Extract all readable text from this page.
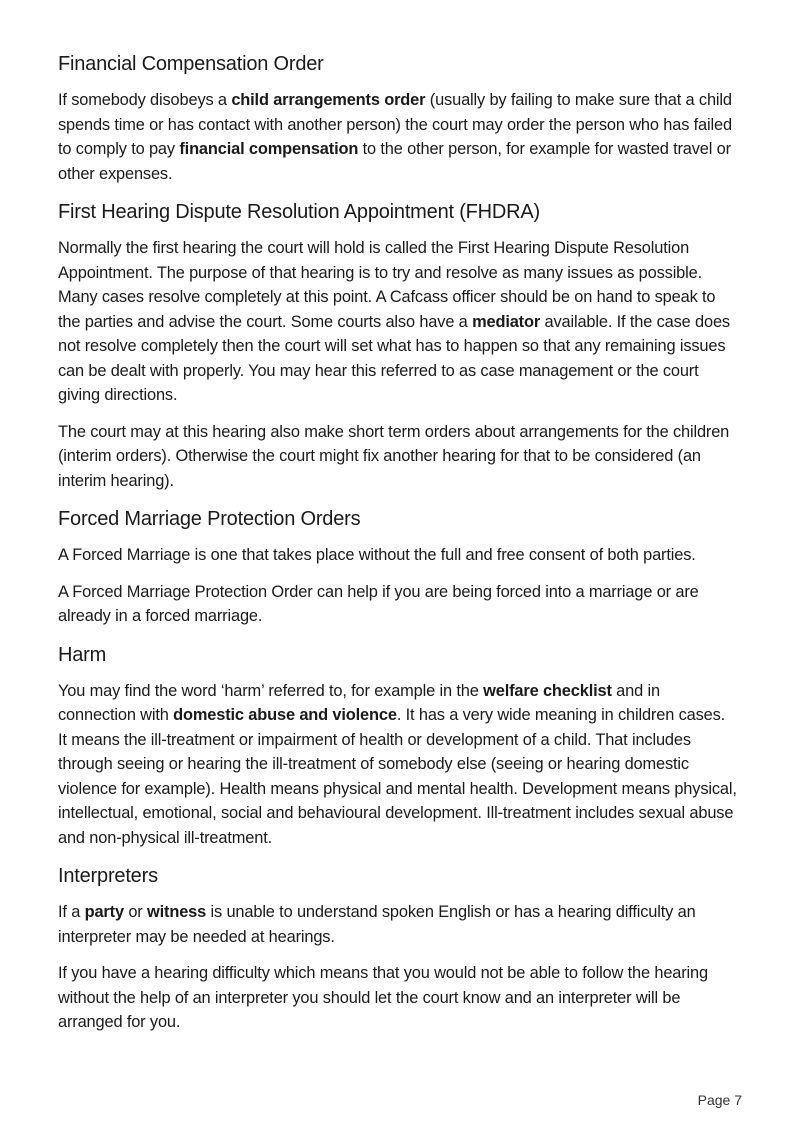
Financial Compensation Order

If somebody disobeys a child arrangements order (usually by failing to make sure that a child spends time or has contact with another person) the court may order the person who has failed to comply to pay financial compensation to the other person, for example for wasted travel or other expenses.

First Hearing Dispute Resolution Appointment (FHDRA)

Normally the first hearing the court will hold is called the First Hearing Dispute Resolution Appointment. The purpose of that hearing is to try and resolve as many issues as possible. Many cases resolve completely at this point. A Cafcass officer should be on hand to speak to the parties and advise the court. Some courts also have a mediator available. If the case does not resolve completely then the court will set what has to happen so that any remaining issues can be dealt with properly. You may hear this referred to as case management or the court giving directions.

The court may at this hearing also make short term orders about arrangements for the children (interim orders). Otherwise the court might fix another hearing for that to be considered (an interim hearing).

Forced Marriage Protection Orders

A Forced Marriage is one that takes place without the full and free consent of both parties.

A Forced Marriage Protection Order can help if you are being forced into a marriage or are already in a forced marriage.

Harm

You may find the word ‘harm’ referred to, for example in the welfare checklist and in connection with domestic abuse and violence. It has a very wide meaning in children cases. It means the ill-treatment or impairment of health or development of a child. That includes through seeing or hearing the ill-treatment of somebody else (seeing or hearing domestic violence for example). Health means physical and mental health. Development means physical, intellectual, emotional, social and behavioural development. Ill-treatment includes sexual abuse and non-physical ill-treatment.

Interpreters

If a party or witness is unable to understand spoken English or has a hearing difficulty an interpreter may be needed at hearings.

If you have a hearing difficulty which means that you would not be able to follow the hearing without the help of an interpreter you should let the court know and an interpreter will be arranged for you.

Page 7
